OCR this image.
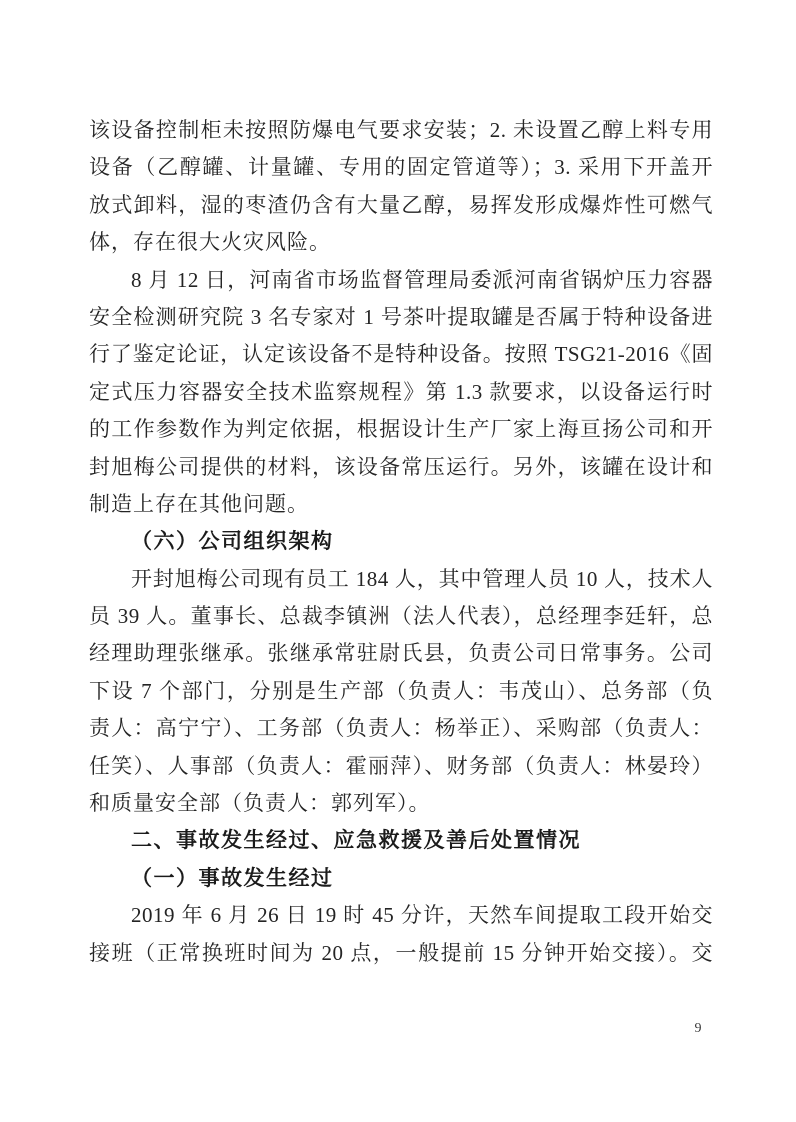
该设备控制柜未按照防爆电气要求安装；2. 未设置乙醇上料专用
设备（乙醇罐、计量罐、专用的固定管道等）；3. 采用下开盖开
放式卸料，湿的枣渣仍含有大量乙醇，易挥发形成爆炸性可燃气
体，存在很大火灾风险。
8 月 12 日，河南省市场监督管理局委派河南省锅炉压力容器
安全检测研究院 3 名专家对 1 号茶叶提取罐是否属于特种设备进
行了鉴定论证，认定该设备不是特种设备。按照 TSG21-2016《固
定式压力容器安全技术监察规程》第 1.3 款要求，以设备运行时
的工作参数作为判定依据，根据设计生产厂家上海亘扬公司和开
封旭梅公司提供的材料，该设备常压运行。另外，该罐在设计和
制造上存在其他问题。
（六）公司组织架构
开封旭梅公司现有员工 184 人，其中管理人员 10 人，技术人
员 39 人。董事长、总裁李镇洲（法人代表），总经理李廷轩，总
经理助理张继承。张继承常驻尉氏县，负责公司日常事务。公司
下设 7 个部门，分别是生产部（负责人：韦茂山）、总务部（负
责人：高宁宁）、工务部（负责人：杨举正）、采购部（负责人：
任笑）、人事部（负责人：霍丽萍）、财务部（负责人：林晏玲）
和质量安全部（负责人：郭列军）。
二、事故发生经过、应急救援及善后处置情况
（一）事故发生经过
2019 年 6 月 26 日 19 时 45 分许，天然车间提取工段开始交
接班（正常换班时间为 20 点，一般提前 15 分钟开始交接）。交
9
